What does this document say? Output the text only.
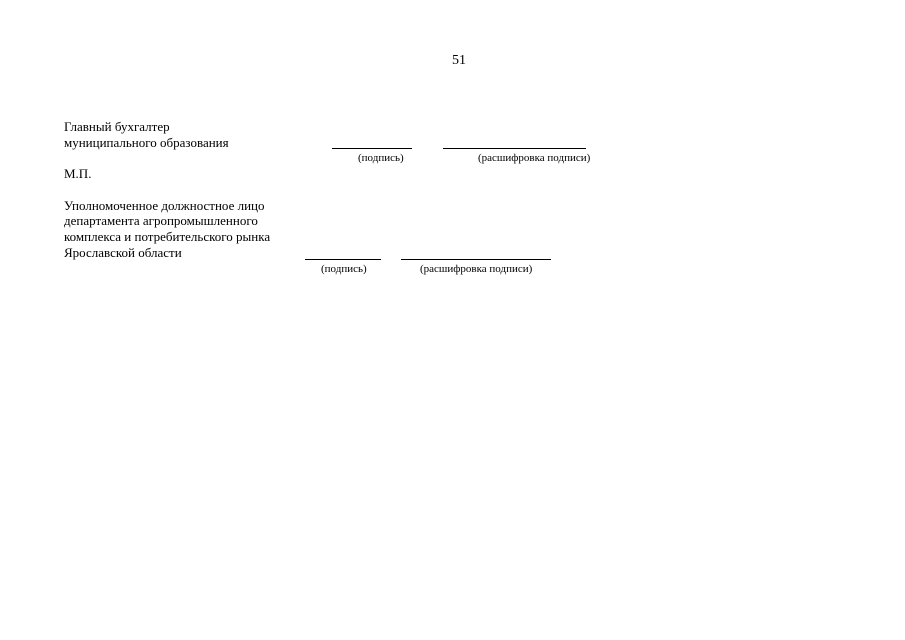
51
Главный бухгалтер
муниципального образования
(подпись)	(расшифровка подписи)
М.П.
Уполномоченное должностное лицо
департамента агропромышленного
комплекса и потребительского рынка
Ярославской области
(подпись)	(расшифровка подписи)
